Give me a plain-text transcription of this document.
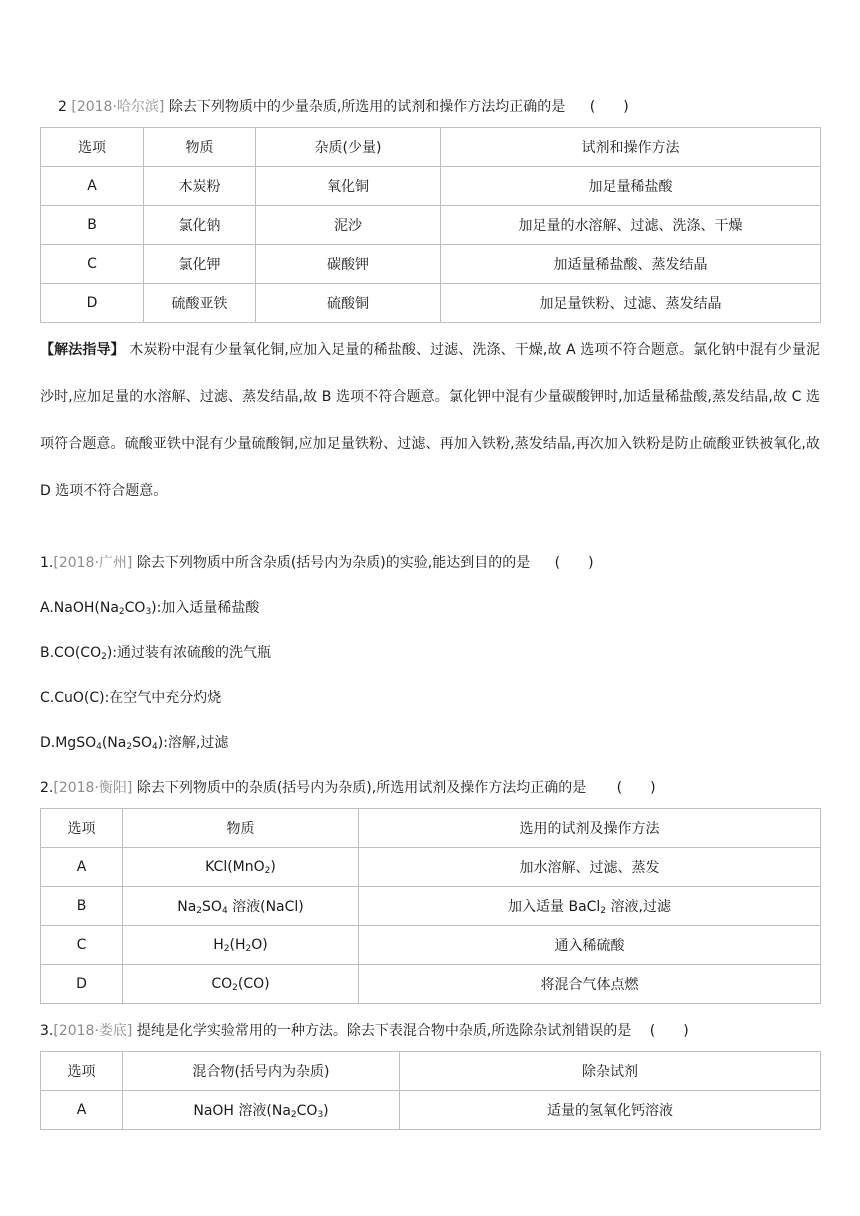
2 [2018·哈尔滨] 除去下列物质中的少量杂质,所选用的试剂和操作方法均正确的是 (　　)
选项	物质	杂质(少量)	试剂和操作方法
A	木炭粉	氧化铜	加足量稀盐酸
B	氯化钠	泥沙	加足量的水溶解、过滤、洗涤、干燥
C	氯化钾	碳酸钾	加适量稀盐酸、蒸发结晶
D	硫酸亚铁	硫酸铜	加足量铁粉、过滤、蒸发结晶
【解法指导】 木炭粉中混有少量氧化铜,应加入足量的稀盐酸、过滤、洗涤、干燥,故 A 选项不符合题意。氯化钠中混有少量泥沙时,应加足量的水溶解、过滤、蒸发结晶,故 B 选项不符合题意。氯化钾中混有少量碳酸钾时,加适量稀盐酸,蒸发结晶,故 C 选项符合题意。硫酸亚铁中混有少量硫酸铜,应加足量铁粉、过滤、再加入铁粉,蒸发结晶,再次加入铁粉是防止硫酸亚铁被氧化,故 D 选项不符合题意。
1.[2018·广州] 除去下列物质中所含杂质(括号内为杂质)的实验,能达到目的的是 (　　)
$A.NaOH(Na_2CO_3)$:加入适量稀盐酸
$B.CO(CO_2)$:通过装有浓硫酸的洗气瓶
C.CuO(C):在空气中充分灼烧
$D.MgSO_4(Na_2SO_4)$:溶解,过滤
2.[2018·衡阳] 除去下列物质中的杂质(括号内为杂质),所选用试剂及操作方法均正确的是 (　　)
选项	物质	选用的试剂及操作方法
A	KCl(MnO$_2$)	加水溶解、过滤、蒸发
B	$Na_2SO_4$ 溶液(NaCl)	加入适量 BaCl$_2$ 溶液,过滤
C	$H_2(H_2O)$	通入稀硫酸
D	$CO_2(CO)$	将混合气体点燃
3.[2018·娄底] 提纯是化学实验常用的一种方法。除去下表混合物中杂质,所选除杂试剂错误的是 (　　)
选项	混合物(括号内为杂质)	除杂试剂
A	NaOH 溶液$(Na_2CO_3)$	适量的氢氧化钙溶液
